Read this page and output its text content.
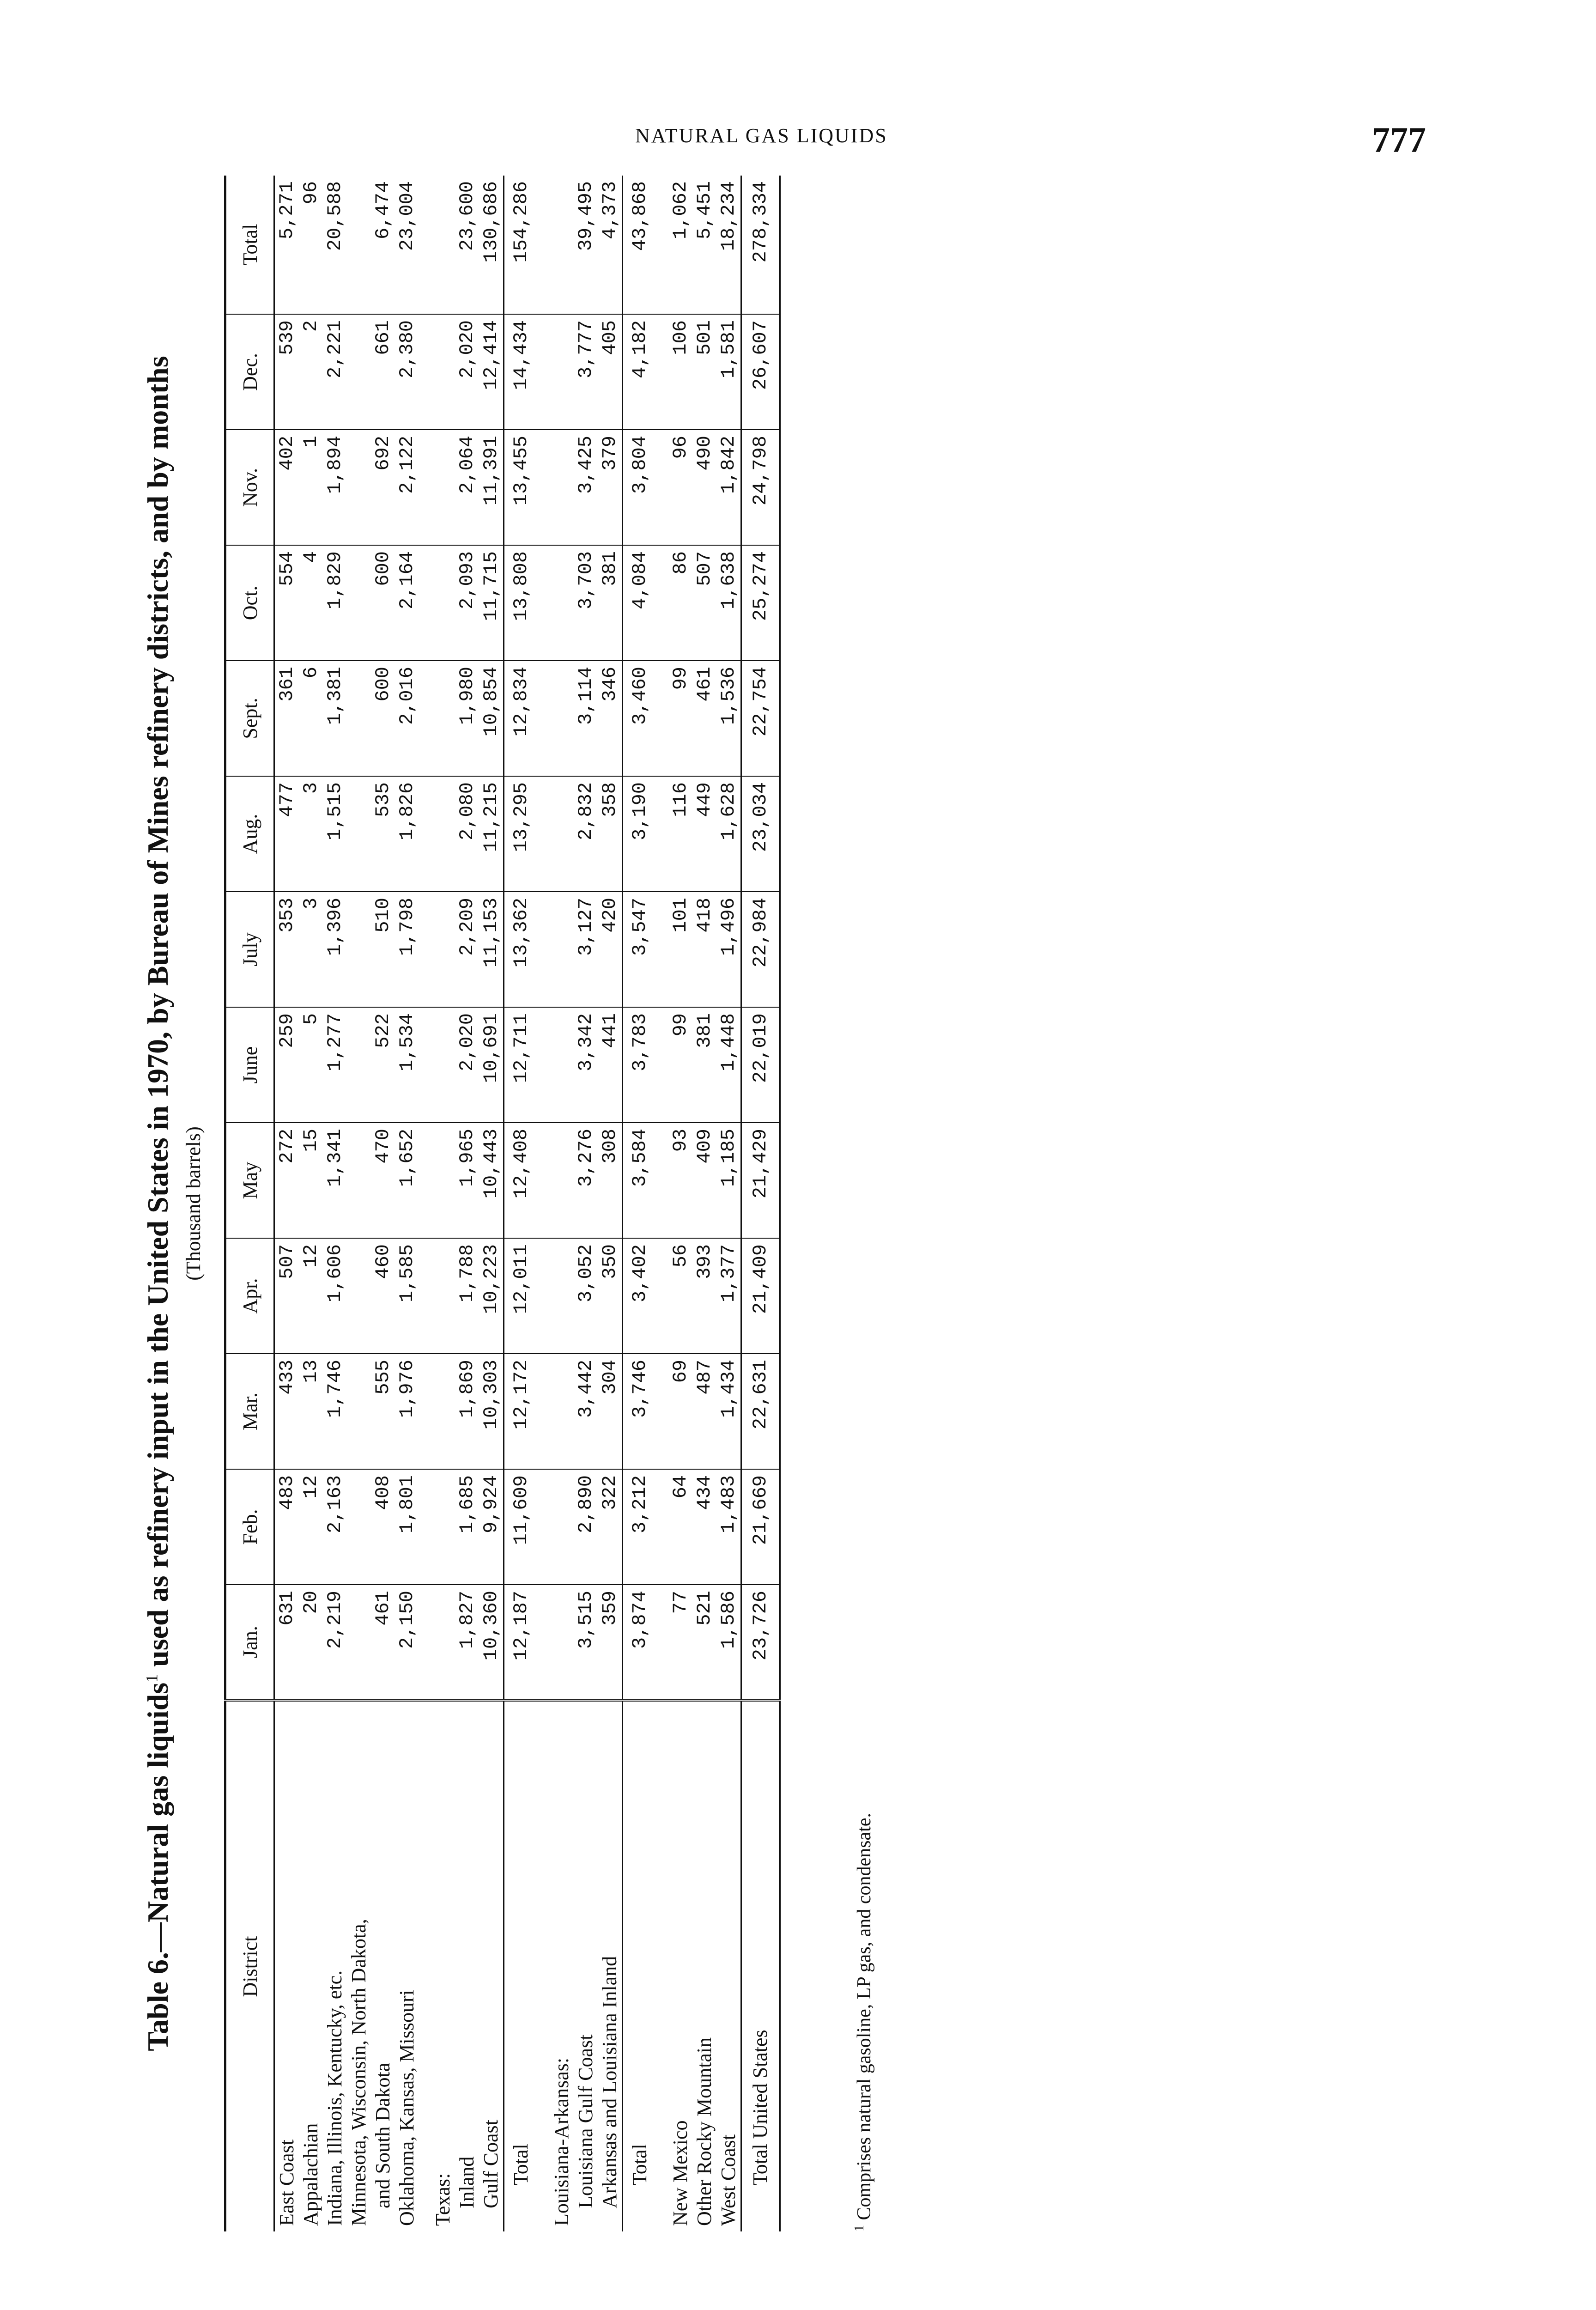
NATURAL GAS LIQUIDS	777
Table 6.—Natural gas liquids$^1$ used as refinery input in the United States in 1970, by Bureau of Mines refinery districts, and by months (Thousand barrels)
District	Jan.	Feb.	Mar.	Apr.	May	June	July	Aug.	Sept.	Oct.	Nov.	Dec.	Total
East Coast	631	483	433	507	272	259	353	477	361	554	402	539	5,271
Appalachian	20	12	13	12	15	5	3	3	6	4	1	2	96
Indiana, Illinois, Kentucky, etc.	2,219	2,163	1,746	1,606	1,341	1,277	1,396	1,515	1,381	1,829	1,894	2,221	20,588
Minnesota, Wisconsin, North Dakota,													
and South Dakota	461	408	555	460	470	522	510	535	600	600	692	661	6,474
Oklahoma, Kansas, Missouri	2,150	1,801	1,976	1,585	1,652	1,534	1,798	1,826	2,016	2,164	2,122	2,380	23,004

Texas:													
Inland	1,827	1,685	1,869	1,788	1,965	2,020	2,209	2,080	1,980	2,093	2,064	2,020	23,600
Gulf Coast	10,360	9,924	10,303	10,223	10,443	10,691	11,153	11,215	10,854	11,715	11,391	12,414	130,686
Total	12,187	11,609	12,172	12,011	12,408	12,711	13,362	13,295	12,834	13,808	13,455	14,434	154,286

Louisiana-Arkansas:													
Louisiana Gulf Coast	3,515	2,890	3,442	3,052	3,276	3,342	3,127	2,832	3,114	3,703	3,425	3,777	39,495
Arkansas and Louisiana Inland	359	322	304	350	308	441	420	358	346	381	379	405	4,373
Total	3,874	3,212	3,746	3,402	3,584	3,783	3,547	3,190	3,460	4,084	3,804	4,182	43,868

New Mexico	77	64	69	56	93	99	101	116	99	86	96	106	1,062
Other Rocky Mountain	521	434	487	393	409	381	418	449	461	507	490	501	5,451
West Coast	1,586	1,483	1,434	1,377	1,185	1,448	1,496	1,628	1,536	1,638	1,842	1,581	18,234
Total United States	23,726	21,669	22,631	21,409	21,429	22,019	22,984	23,034	22,754	25,274	24,798	26,607	278,334
$^1$ Comprises natural gasoline, LP gas, and condensate.
